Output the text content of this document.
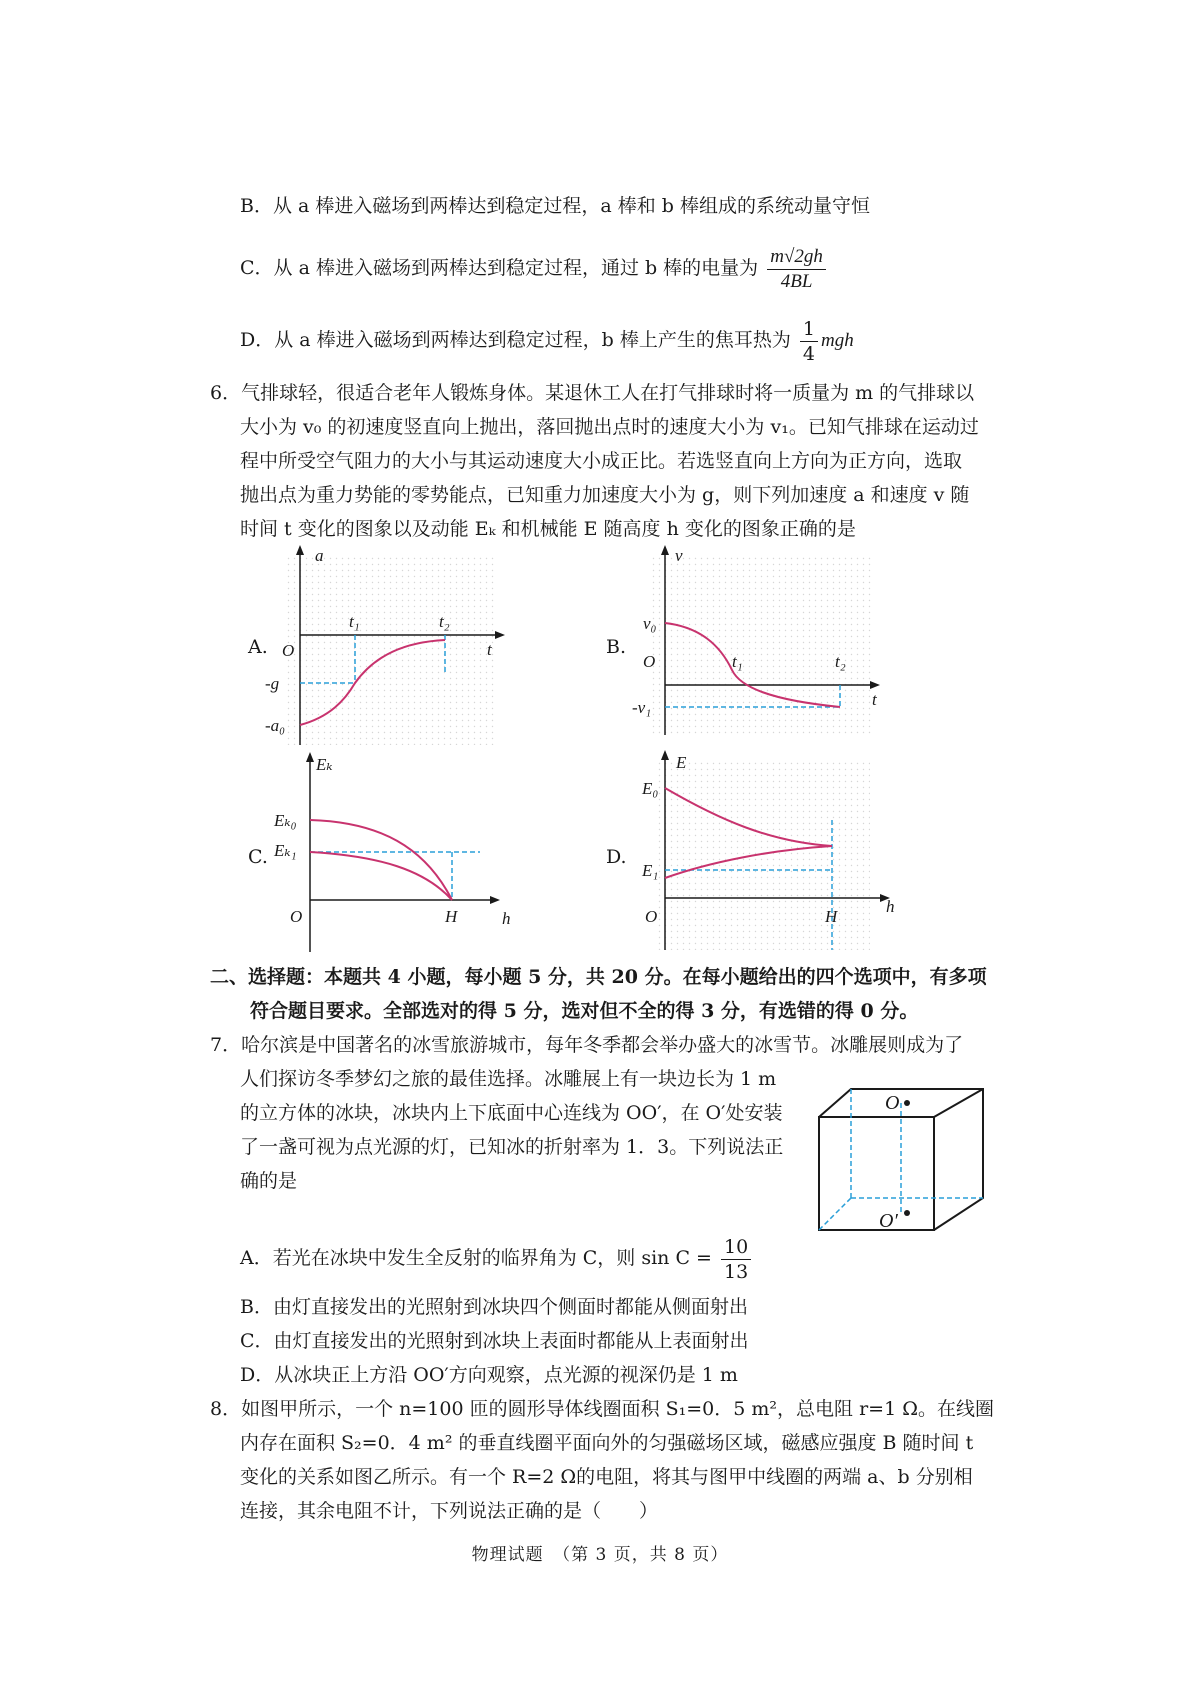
B．从 a 棒进入磁场到两棒达到稳定过程，a 棒和 b 棒组成的系统动量守恒
C．从 a 棒进入磁场到两棒达到稳定过程，通过 b 棒的电量为 $\frac{m√2gh}{4BL}$
D．从 a 棒进入磁场到两棒达到稳定过程，b 棒上产生的焦耳热为 $\frac{1}{4}$ mgh
6．气排球轻，很适合老年人锻炼身体。某退休工人在打气排球时将一质量为 m 的气排球以
大小为 v₀ 的初速度竖直向上抛出，落回抛出点时的速度大小为 v₁。已知气排球在运动过
程中所受空气阻力的大小与其运动速度大小成正比。若选竖直向上方向为正方向，选取
抛出点为重力势能的零势能点，已知重力加速度大小为 g，则下列加速度 a 和速度 v 随
时间 t 变化的图象以及动能 Eₖ 和机械能 E 随高度 h 变化的图象正确的是
A.	B.
C.	D.
a
O
t₁	t₂
t
-g
-a₀
v
v₀
O	t₁	t₂
t
-v₁
Eₖ
Eₖ₀
Eₖ₁
O	H	h
E
E₀
E₁
O	H
h
二、选择题：本题共 4 小题，每小题 5 分，共 20 分。在每小题给出的四个选项中，有多项
符合题目要求。全部选对的得 5 分，选对但不全的得 3 分，有选错的得 0 分。
7．哈尔滨是中国著名的冰雪旅游城市，每年冬季都会举办盛大的冰雪节。冰雕展则成为了
人们探访冬季梦幻之旅的最佳选择。冰雕展上有一块边长为 1 m
的立方体的冰块，冰块内上下底面中心连线为 OO′，在 O′处安装
了一盏可视为点光源的灯，已知冰的折射率为 1．3。下列说法正
确的是
O
O′
A．若光在冰块中发生全反射的临界角为 C，则 $\sin C = \frac{10}{13}$
B．由灯直接发出的光照射到冰块四个侧面时都能从侧面射出
C．由灯直接发出的光照射到冰块上表面时都能从上表面射出
D．从冰块正上方沿 OO′方向观察，点光源的视深仍是 1 m
8．如图甲所示，一个 n=100 匝的圆形导体线圈面积 S₁=0．5 m²，总电阻 r=1 Ω。在线圈
内存在面积 S₂=0．4 m² 的垂直线圈平面向外的匀强磁场区域，磁感应强度 B 随时间 t
变化的关系如图乙所示。有一个 R=2 Ω的电阻，将其与图甲中线圈的两端 a、b 分别相
连接，其余电阻不计，下列说法正确的是（　　）
物理试题　（第 3 页，共 8 页）
